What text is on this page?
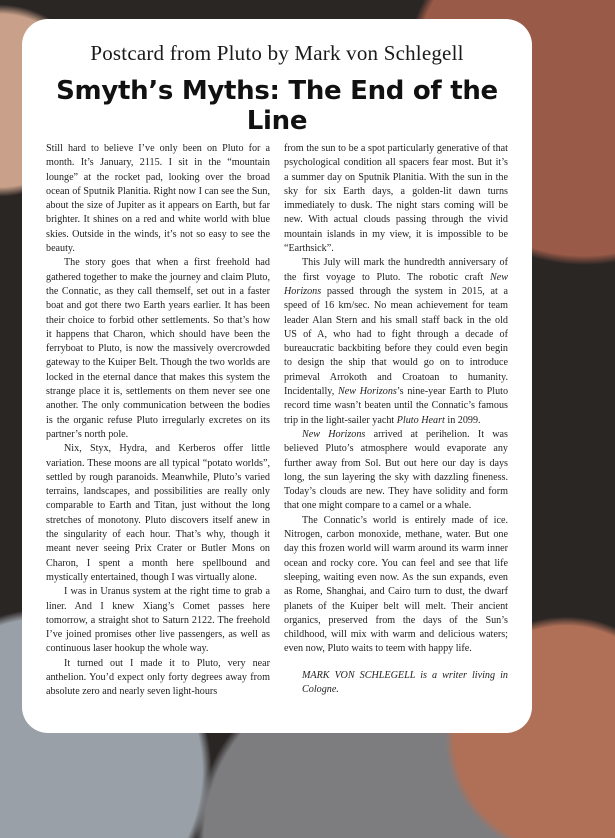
Postcard from Pluto by Mark von Schlegell
Smyth’s Myths: The End of the Line

Still hard to believe I’ve only been on Pluto for a month. It’s January, 2115. I sit in the “mountain lounge” at the rocket pad, looking over the broad ocean of Sputnik Planitia. Right now I can see the Sun, about the size of Jupiter as it appears on Earth, but far brighter. It shines on a red and white world with blue skies. Outside in the winds, it’s not so easy to see the beauty.

The story goes that when a first freehold had gathered together to make the journey and claim Pluto, the Connatic, as they call themself, set out in a faster boat and got there two Earth years earlier. It has been their choice to forbid other settlements. So that’s how it happens that Charon, which should have been the ferryboat to Pluto, is now the massively overcrowded gateway to the Kuiper Belt. Though the two worlds are locked in the eternal dance that makes this system the strange place it is, settlements on them never see one another. The only communication between the bodies is the organic refuse Pluto irregularly excretes on its partner’s north pole.

Nix, Styx, Hydra, and Kerberos offer little variation. These moons are all typical “potato worlds”, settled by rough paranoids. Meanwhile, Pluto’s varied terrains, landscapes, and possibilities are really only comparable to Earth and Titan, just without the long stretches of monotony. Pluto discovers itself anew in the singularity of each hour. That’s why, though it meant never seeing Prix Crater or Butler Mons on Charon, I spent a month here spellbound and mystically entertained, though I was virtually alone.

I was in Uranus system at the right time to grab a liner. And I knew Xiang’s Comet passes here tomorrow, a straight shot to Saturn 2122. The freehold I’ve joined promises other live passengers, as well as continuous laser hookup the whole way.

It turned out I made it to Pluto, very near anthelion. You’d expect only forty degrees away from absolute zero and nearly seven light-hours

from the sun to be a spot particularly generative of that psychological condition all spacers fear most. But it’s a summer day on Sputnik Planitia. With the sun in the sky for six Earth days, a golden-lit dawn turns immediately to dusk. The night stars coming will be new. With actual clouds passing through the vivid mountain islands in my view, it is impossible to be “Earthsick”.

This July will mark the hundredth anniversary of the first voyage to Pluto. The robotic craft New Horizons passed through the system in 2015, at a speed of 16 km/sec. No mean achievement for team leader Alan Stern and his small staff back in the old US of A, who had to fight through a decade of bureaucratic backbiting before they could even begin to design the ship that would go on to introduce primeval Arrokoth and Croatoan to humanity. Incidentally, New Horizons’s nine-year Earth to Pluto record time wasn’t beaten until the Connatic’s famous trip in the light-sailer yacht Pluto Heart in 2099.

New Horizons arrived at perihelion. It was believed Pluto’s atmosphere would evaporate any further away from Sol. But out here our day is days long, the sun layering the sky with dazzling fineness. Today’s clouds are new. They have solidity and form that one might compare to a camel or a whale.

The Connatic’s world is entirely made of ice. Nitrogen, carbon monoxide, methane, water. But one day this frozen world will warm around its warm inner ocean and rocky core. You can feel and see that life sleeping, waiting even now. As the sun expands, even as Rome, Shanghai, and Cairo turn to dust, the dwarf planets of the Kuiper belt will melt. Their ancient organics, preserved from the days of the Sun’s childhood, will mix with warm and delicious waters; even now, Pluto waits to teem with happy life.

MARK VON SCHLEGELL is a writer living in Cologne.
